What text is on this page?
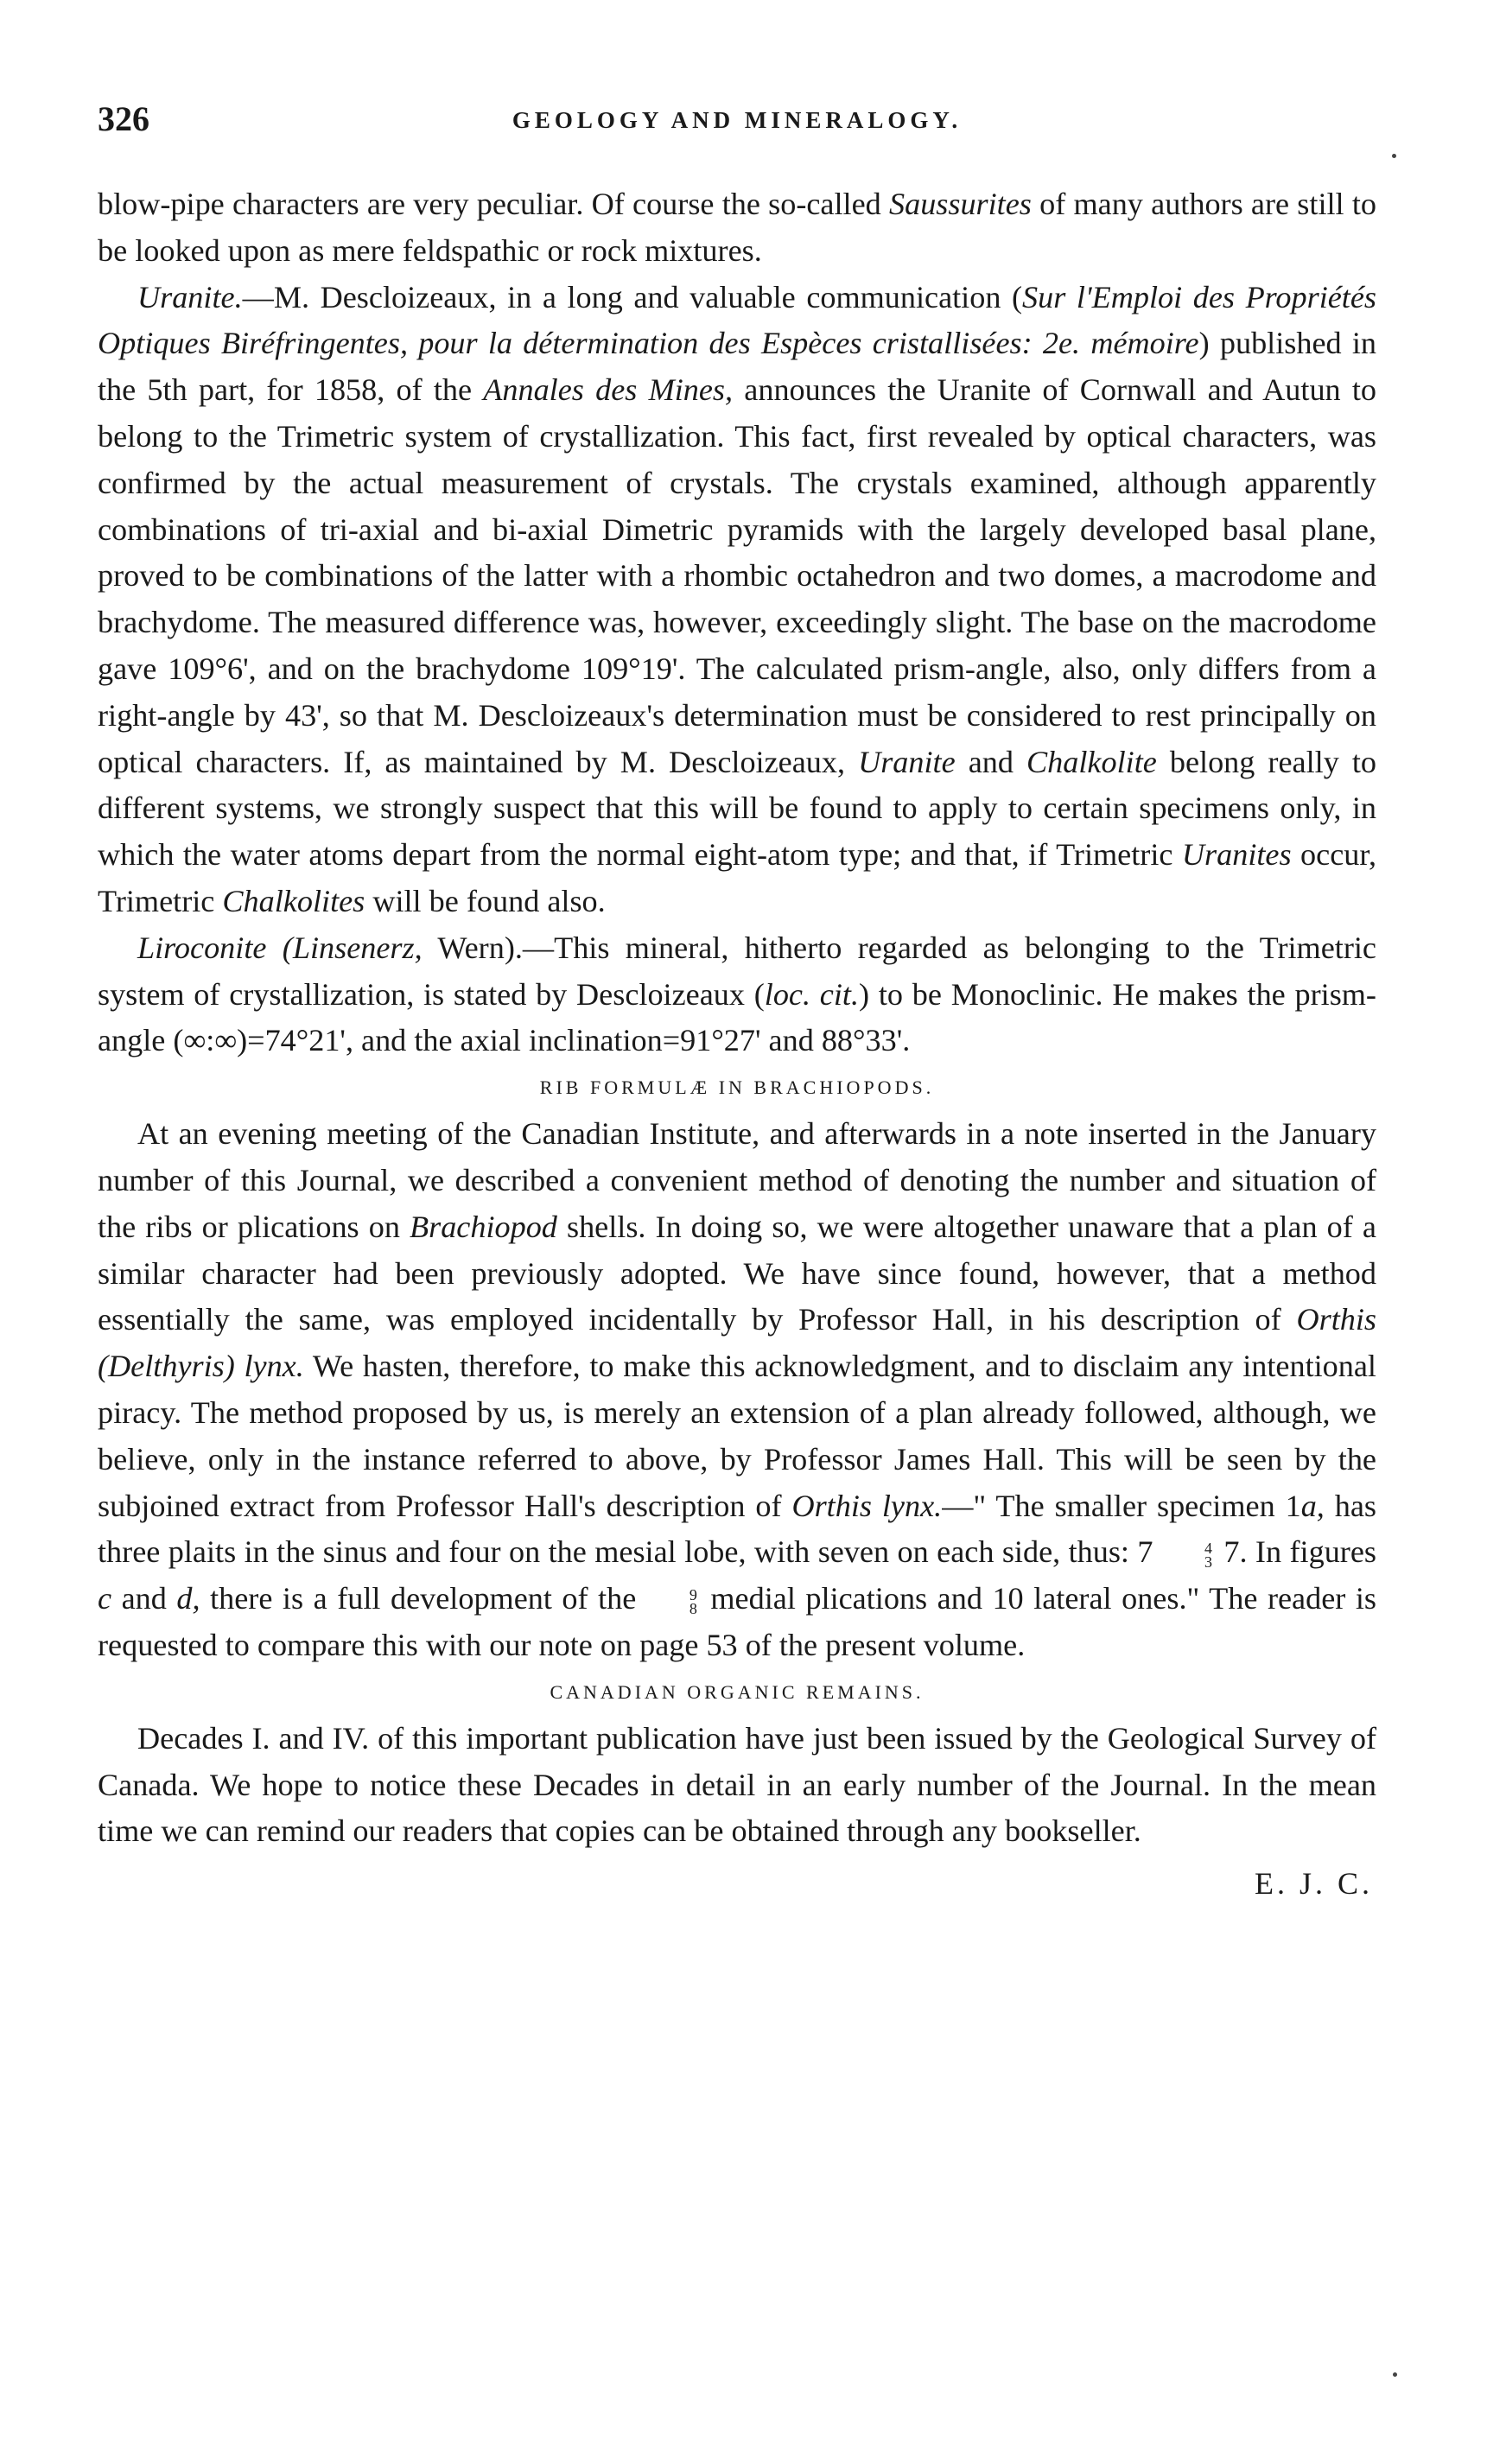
326	GEOLOGY AND MINERALOGY.

blow-pipe characters are very peculiar. Of course the so-called Saussurites of many authors are still to be looked upon as mere feldspathic or rock mixtures.

Uranite.—M. Descloizeaux, in a long and valuable communication (Sur l'Emploi des Propriétés Optiques Biréfringentes, pour la détermination des Espèces cristallisées: 2e. mémoire) published in the 5th part, for 1858, of the Annales des Mines, announces the Uranite of Cornwall and Autun to belong to the Trimetric system of crystallization. This fact, first revealed by optical characters, was confirmed by the actual measurement of crystals. The crystals examined, although apparently combinations of tri-axial and bi-axial Dimetric pyramids with the largely developed basal plane, proved to be combinations of the latter with a rhombic octahedron and two domes, a macrodome and brachydome. The measured difference was, however, exceedingly slight. The base on the macrodome gave 109°6', and on the brachydome 109°19'. The calculated prism-angle, also, only differs from a right-angle by 43', so that M. Descloizeaux's determination must be considered to rest principally on optical characters. If, as maintained by M. Descloizeaux, Uranite and Chalkolite belong really to different systems, we strongly suspect that this will be found to apply to certain specimens only, in which the water atoms depart from the normal eight-atom type; and that, if Trimetric Uranites occur, Trimetric Chalkolites will be found also.

Liroconite (Linsenerz, Wern).—This mineral, hitherto regarded as belonging to the Trimetric system of crystallization, is stated by Descloizeaux (loc. cit.) to be Monoclinic. He makes the prism-angle (∞:∞)=74°21', and the axial inclination=91°27' and 88°33'.

RIB FORMULÆ IN BRACHIOPODS.

At an evening meeting of the Canadian Institute, and afterwards in a note inserted in the January number of this Journal, we described a convenient method of denoting the number and situation of the ribs or plications on Brachiopod shells. In doing so, we were altogether unaware that a plan of a similar character had been previously adopted. We have since found, however, that a method essentially the same, was employed incidentally by Professor Hall, in his description of Orthis (Delthyris) lynx. We hasten, therefore, to make this acknowledgment, and to disclaim any intentional piracy. The method proposed by us, is merely an extension of a plan already followed, although, we believe, only in the instance referred to above, by Professor James Hall. This will be seen by the subjoined extract from Professor Hall's description of Orthis lynx.—" The smaller specimen 1a, has three plaits in the sinus and four on the mesial lobe, with seven on each side, thus: 7	4
3 7. In figures c and d, there is a full development of the	9
8 medial plications and 10 lateral ones." The reader is requested to compare this with our note on page 53 of the present volume.

CANADIAN ORGANIC REMAINS.

Decades I. and IV. of this important publication have just been issued by the Geological Survey of Canada. We hope to notice these Decades in detail in an early number of the Journal. In the mean time we can remind our readers that copies can be obtained through any bookseller.

E. J. C.
